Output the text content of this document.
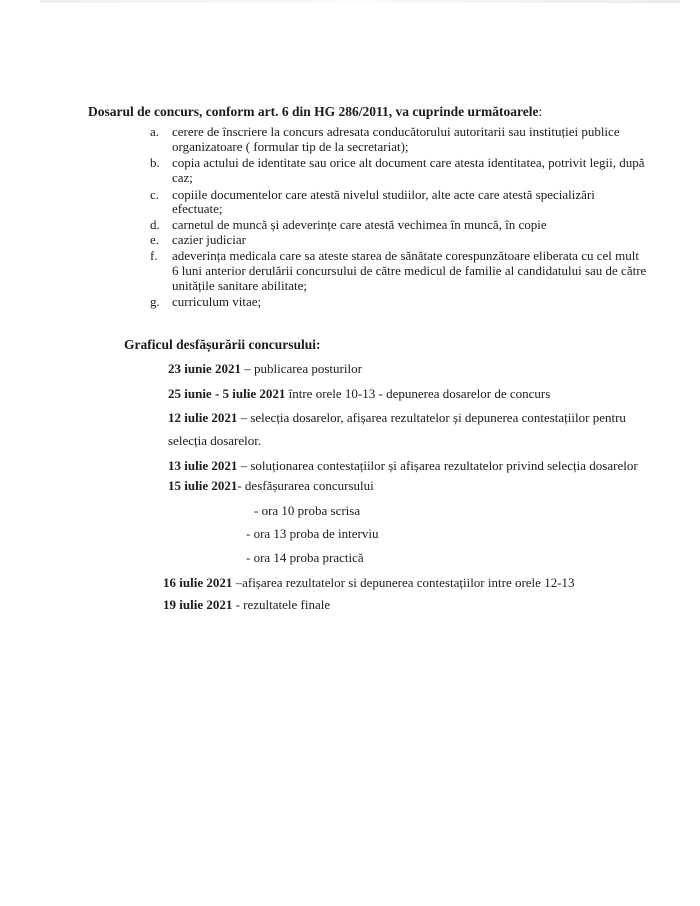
Dosarul de concurs, conform art. 6 din HG 286/2011, va cuprinde următoarele:
a. cerere de înscriere la concurs adresata conducătorului autoritarii sau instituției publice
organizatoare ( formular tip de la secretariat);
b. copia actului de identitate sau orice alt document care atesta identitatea, potrivit legii, după
caz;
c. copiile documentelor care atestă nivelul studiilor, alte acte care atestă specializări
efectuate;
d. carnetul de muncă și adeverințe care atestă vechimea în muncă, în copie
e. cazier judiciar
f. adeverința medicala care sa ateste starea de sănătate corespunzătoare eliberata cu cel mult
6 luni anterior derulării concursului de către medicul de familie al candidatului sau de către
unitățile sanitare abilitate;
g. curriculum vitae;
Graficul desfășurării concursului:
23 iunie 2021 – publicarea posturilor
25 iunie - 5 iulie 2021 între orele 10-13 - depunerea dosarelor de concurs
12 iulie 2021 – selecția dosarelor, afișarea rezultatelor și depunerea contestațiilor pentru
selecția dosarelor.
13 iulie 2021 – soluționarea contestațiilor și afișarea rezultatelor privind selecția dosarelor
15 iulie 2021- desfășurarea concursului
- ora 10 proba scrisa
- ora 13 proba de interviu
- ora 14 proba practică
16 iulie 2021 –afișarea rezultatelor si depunerea contestațiilor intre orele 12-13
19 iulie 2021 - rezultatele finale
